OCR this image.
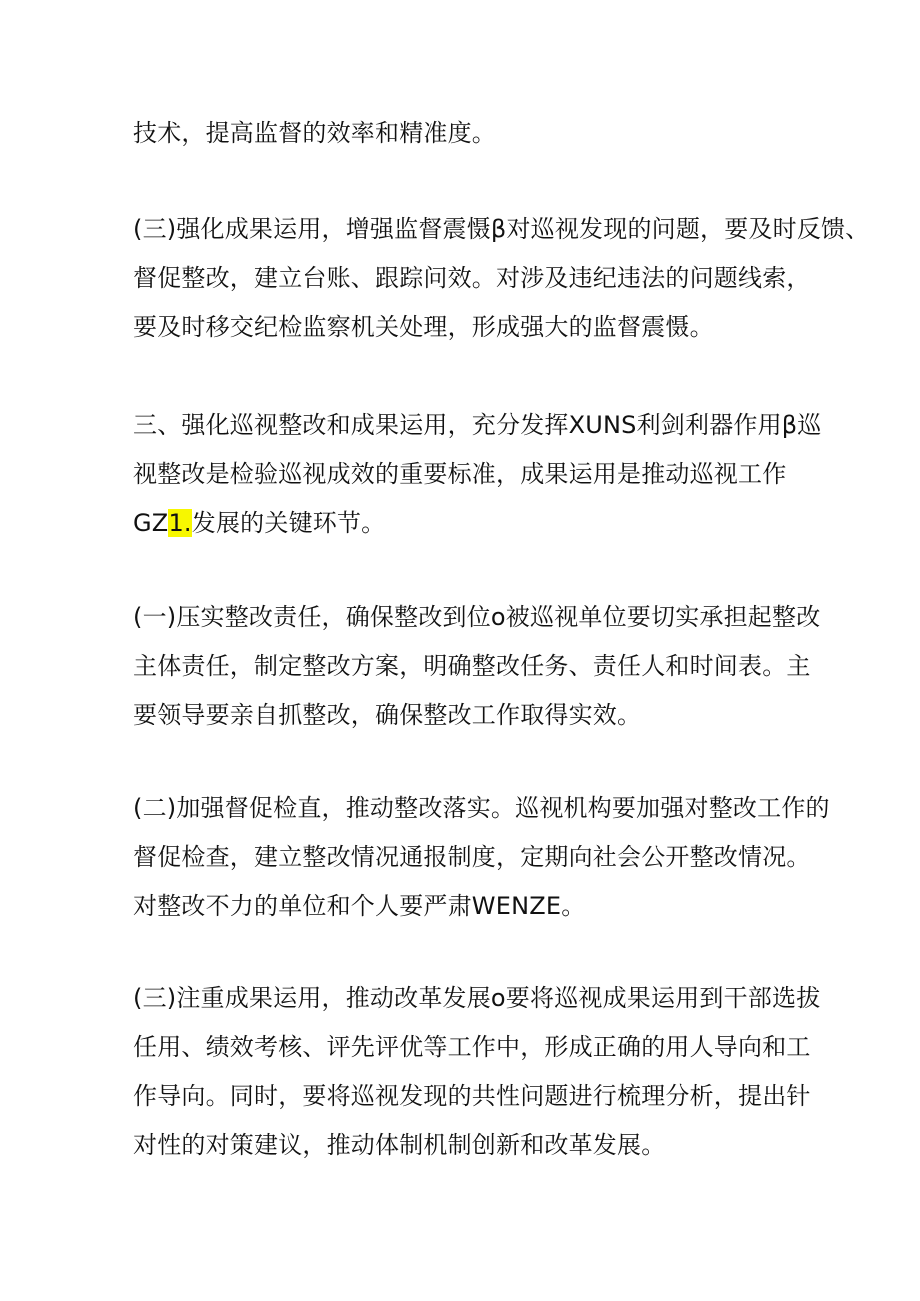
技术，提高监督的效率和精准度。
(三)强化成果运用，增强监督震慑β对巡视发现的问题，要及时反馈、
督促整改，建立台账、跟踪问效。对涉及违纪违法的问题线索，
要及时移交纪检监察机关处理，形成强大的监督震慑。
三、强化巡视整改和成果运用，充分发挥XUNS利剑利器作用β巡
视整改是检验巡视成效的重要标准，成果运用是推动巡视工作
GZ1.发展的关键环节。
(一)压实整改责任，确保整改到位o被巡视单位要切实承担起整改
主体责任，制定整改方案，明确整改任务、责任人和时间表。主
要领导要亲自抓整改，确保整改工作取得实效。
(二)加强督促检直，推动整改落实。巡视机构要加强对整改工作的
督促检查，建立整改情况通报制度，定期向社会公开整改情况。
对整改不力的单位和个人要严肃WENZE。
(三)注重成果运用，推动改革发展o要将巡视成果运用到干部选拔
任用、绩效考核、评先评优等工作中，形成正确的用人导向和工
作导向。同时，要将巡视发现的共性问题进行梳理分析，提出针
对性的对策建议，推动体制机制创新和改革发展。
